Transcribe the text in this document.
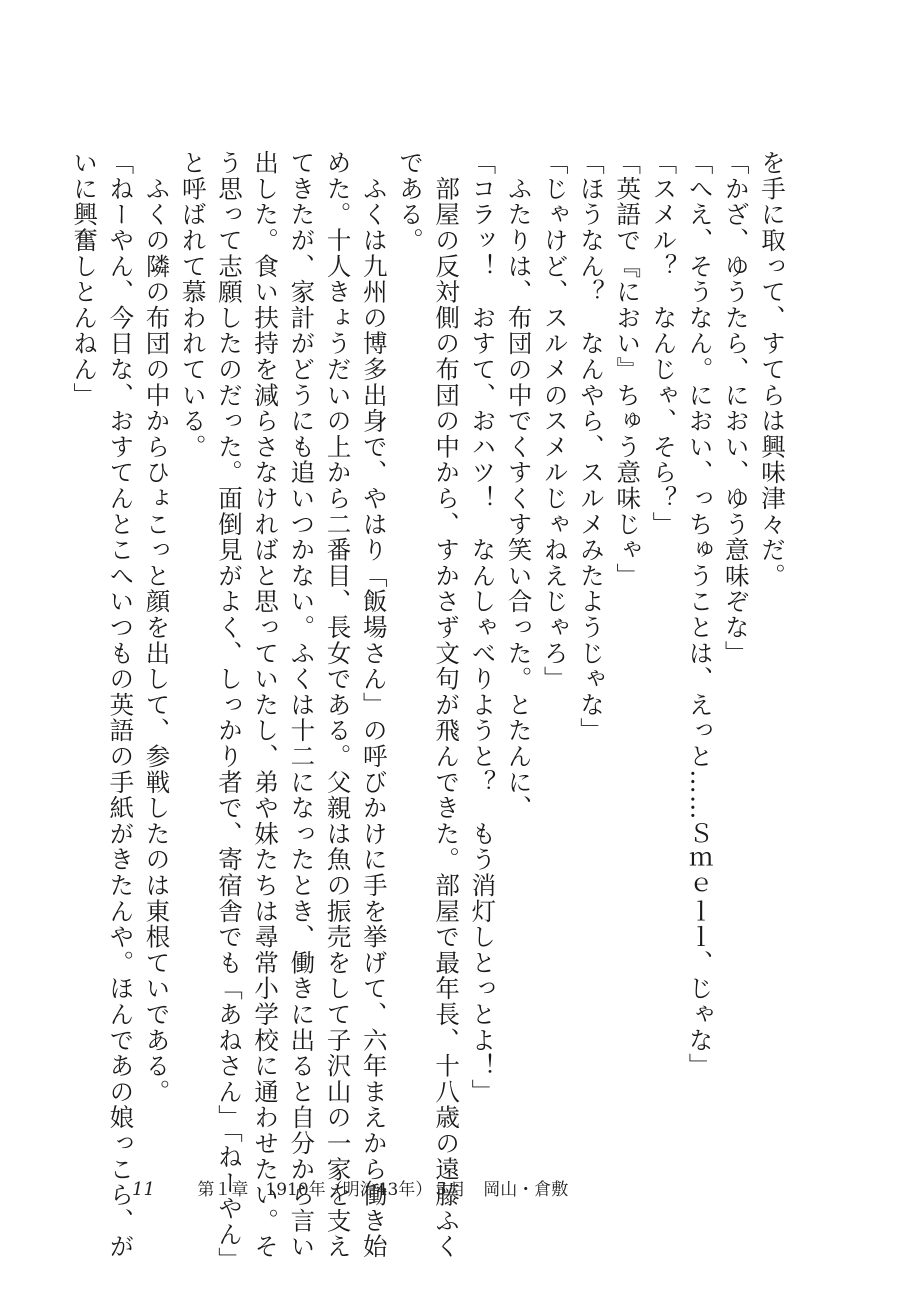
を手に取って、すてらは興味津々だ。
「かざ、ゆうたら、におい、ゆう意味ぞな」
「へえ、そうなん。におい、っちゅうことは、えっと……Ｓｍｅｌｌ、じゃな」
「スメル？　なんじゃ、そら？」
「英語で『におい』ちゅう意味じゃ」
「ほうなん？　なんやら、スルメみたようじゃな」
「じゃけど、スルメのスメルじゃねえじゃろ」
　ふたりは、布団の中でくすくす笑い合った。とたんに、
「コラッ！　おすて、おハツ！　なんしゃべりようと？　もう消灯しとっとよ！」
　部屋の反対側の布団の中から、すかさず文句が飛んできた。部屋で最年長、十八歳の遠藤ふく
である。
　ふくは九州の博多出身で、やはり「飯場さん」の呼びかけに手を挙げて、六年まえから働き始
めた。十人きょうだいの上から二番目、長女である。父親は魚の振売をして子沢山の一家を支え
てきたが、家計がどうにも追いつかない。ふくは十二になったとき、働きに出ると自分から言い
出した。食い扶持を減らさなければと思っていたし、弟や妹たちは尋常小学校に通わせたい。そ
う思って志願したのだった。面倒見がよく、しっかり者で、寄宿舎でも「あねさん」「ねーやん」
と呼ばれて慕われている。
　ふくの隣の布団の中からひょこっと顔を出して、参戦したのは東根ていである。
「ねーやん、今日な、おすてんとこへいつもの英語の手紙がきたんや。ほんであの娘っこら、が
いに興奮しとんねん」
11	第１章　1910年（明治43年）５月　岡山・倉敷
